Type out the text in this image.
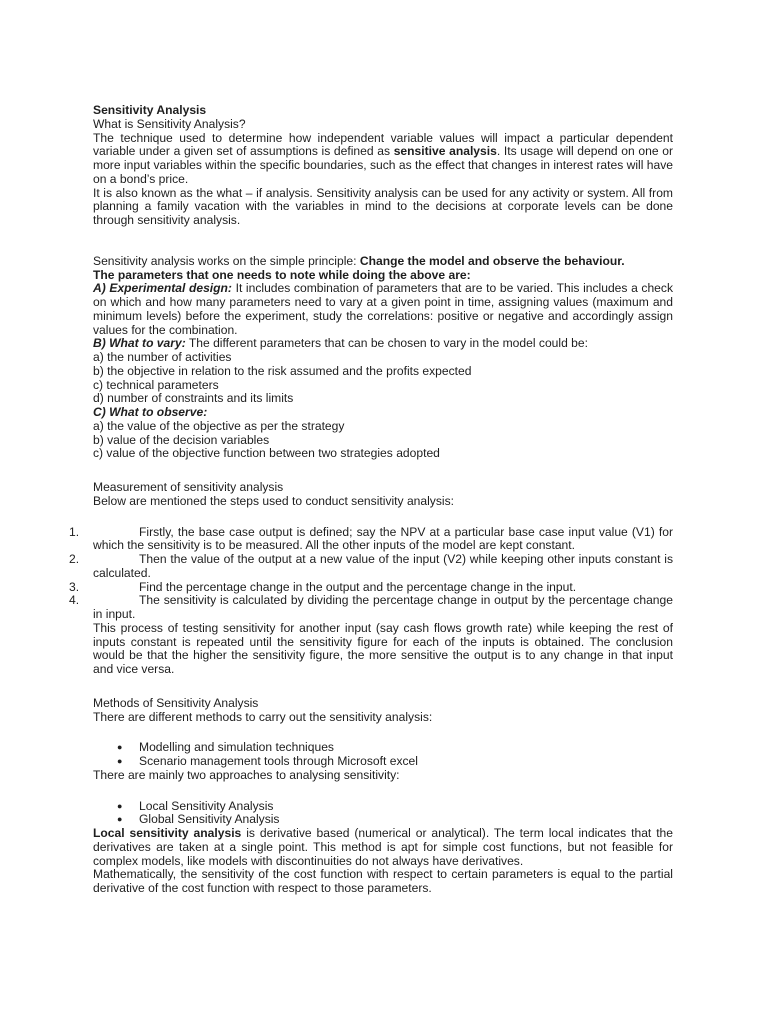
Sensitivity Analysis

What is Sensitivity Analysis?

The technique used to determine how independent variable values will impact a particular dependent variable under a given set of assumptions is defined as sensitive analysis. Its usage will depend on one or more input variables within the specific boundaries, such as the effect that changes in interest rates will have on a bond’s price.

It is also known as the what – if analysis. Sensitivity analysis can be used for any activity or system. All from planning a family vacation with the variables in mind to the decisions at corporate levels can be done through sensitivity analysis.

Sensitivity analysis works on the simple principle: Change the model and observe the behaviour.

The parameters that one needs to note while doing the above are:

A) Experimental design: It includes combination of parameters that are to be varied. This includes a check on which and how many parameters need to vary at a given point in time, assigning values (maximum and minimum levels) before the experiment, study the correlations: positive or negative and accordingly assign values for the combination.

B) What to vary: The different parameters that can be chosen to vary in the model could be:

a) the number of activities

b) the objective in relation to the risk assumed and the profits expected

c) technical parameters

d) number of constraints and its limits

C) What to observe:

a) the value of the objective as per the strategy

b) value of the decision variables

c) value of the objective function between two strategies adopted

Measurement of sensitivity analysis

Below are mentioned the steps used to conduct sensitivity analysis:

1.	Firstly, the base case output is defined; say the NPV at a particular base case input value (V1) for which the sensitivity is to be measured. All the other inputs of the model are kept constant.

2.	Then the value of the output at a new value of the input (V2) while keeping other inputs constant is calculated.

3.	Find the percentage change in the output and the percentage change in the input.

4.	The sensitivity is calculated by dividing the percentage change in output by the percentage change in input.

This process of testing sensitivity for another input (say cash flows growth rate) while keeping the rest of inputs constant is repeated until the sensitivity figure for each of the inputs is obtained. The conclusion would be that the higher the sensitivity figure, the more sensitive the output is to any change in that input and vice versa.

Methods of Sensitivity Analysis

There are different methods to carry out the sensitivity analysis:

● Modelling and simulation techniques
● Scenario management tools through Microsoft excel

There are mainly two approaches to analysing sensitivity:

● Local Sensitivity Analysis
● Global Sensitivity Analysis

Local sensitivity analysis is derivative based (numerical or analytical). The term local indicates that the derivatives are taken at a single point. This method is apt for simple cost functions, but not feasible for complex models, like models with discontinuities do not always have derivatives.

Mathematically, the sensitivity of the cost function with respect to certain parameters is equal to the partial derivative of the cost function with respect to those parameters.
